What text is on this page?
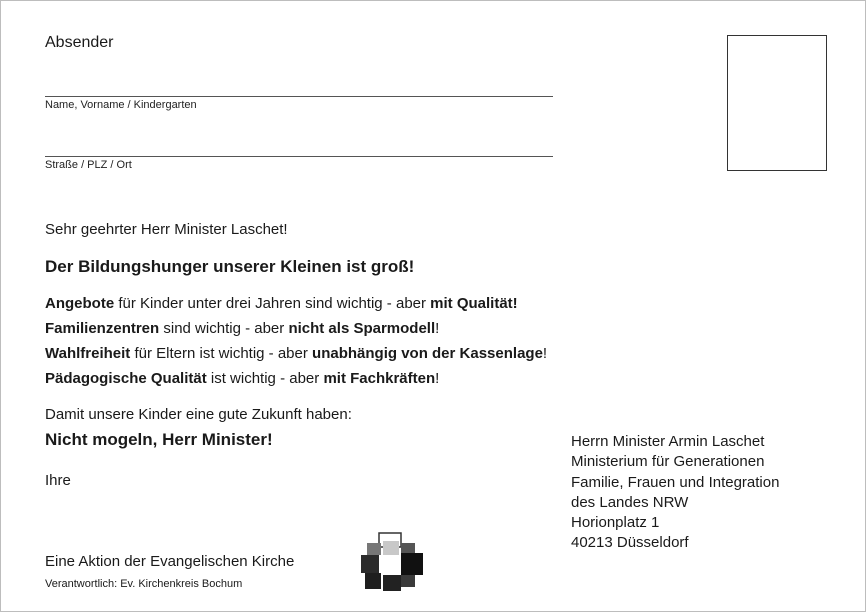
Absender
Name, Vorname / Kindergarten
Straße / PLZ / Ort
Sehr geehrter Herr Minister Laschet!
Der Bildungshunger unserer Kleinen ist groß!
Angebote für Kinder unter drei Jahren sind wichtig - aber mit Qualität!
Familienzentren sind wichtig - aber nicht als Sparmodell!
Wahlfreiheit für Eltern ist wichtig - aber unabhängig von der Kassenlage!
Pädagogische Qualität ist wichtig - aber mit Fachkräften!
Damit unsere Kinder eine gute Zukunft haben:
Nicht mogeln, Herr Minister!
Ihre
Eine Aktion der Evangelischen Kirche
Verantwortlich: Ev. Kirchenkreis Bochum
Herrn Minister Armin Laschet
Ministerium für Generationen
Familie, Frauen und Integration
des Landes NRW
Horionplatz 1
40213 Düsseldorf
